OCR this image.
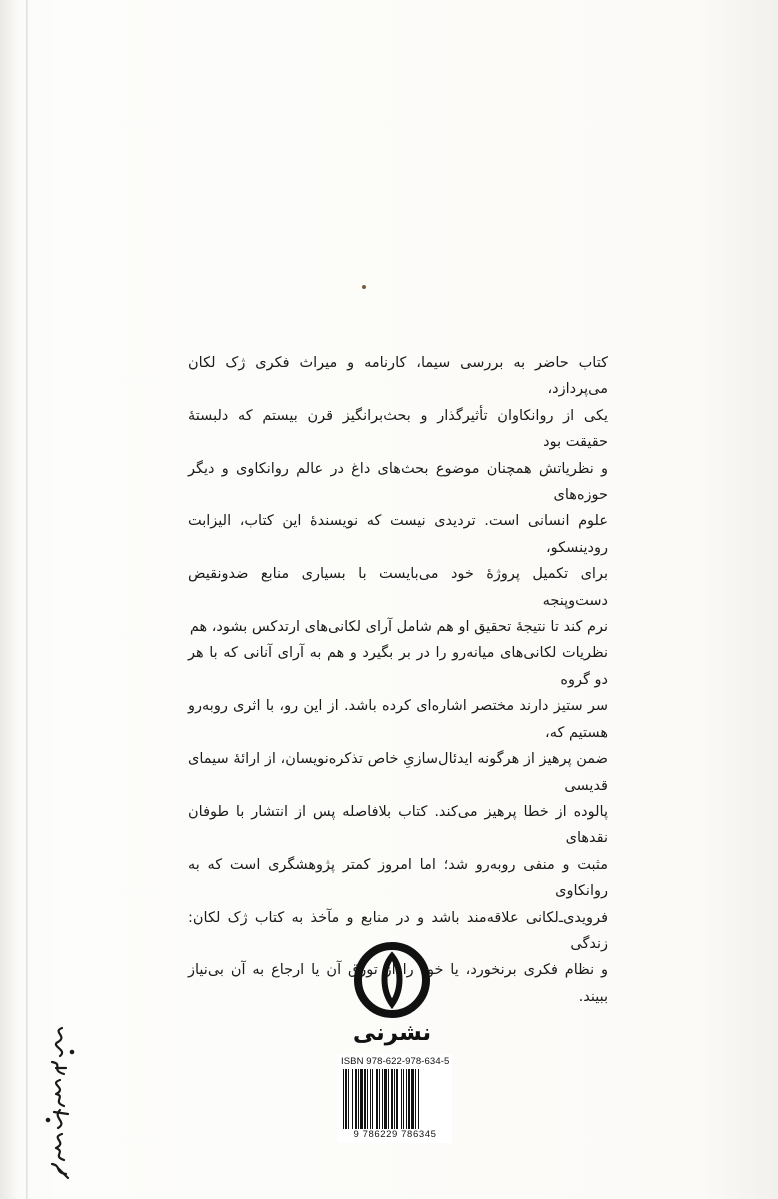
کتاب حاضر به بررسی سیما، کارنامه و میراث فکری ژک لکان می‌پردازد،

یکی از روانکاوان تأثیرگذار و بحث‌برانگیز قرن بیستم که دلبستهٔ حقیقت بود

و نظریاتش همچنان موضوع بحث‌های داغ در عالم روانکاوی و دیگر حوزه‌های

علوم انسانی است. تردیدی نیست که نویسندهٔ این کتاب، الیزابت رودینسکو،

برای تکمیل پروژهٔ خود می‌بایست با بسیاری منابع ضدونقیض دست‌وپنجه

نرم کند تا نتیجهٔ تحقیق او هم شامل آرای لکانی‌های ارتدکس بشود، هم

نظریات لکانی‌های میانه‌رو را در بر بگیرد و هم به آرای آنانی که با هر دو گروه

سر ستیز دارند مختصر اشاره‌ای کرده باشد. از این رو، با اثری روبه‌رو هستیم که،

ضمن پرهیز از هرگونه ایدئال‌سازیِ خاص تذکره‌نویسان، از ارائهٔ سیمای قدیسی

پالوده از خطا پرهیز می‌کند. کتاب بلافاصله پس از انتشار با طوفان نقدهای

مثبت و منفی روبه‌رو شد؛ اما امروز کمتر پژوهشگری است که به روانکاوی

فرویدی‌ـ‌لکانی علاقه‌مند باشد و در منابع و مآخذ به کتاب ژک لکان: زندگی

و نظام فکری برنخورد، یا خود را از تورق آن یا ارجاع به آن بی‌نیاز ببیند.

نشرنی
ISBN 978-622-978-634-5
9 786229 786345
